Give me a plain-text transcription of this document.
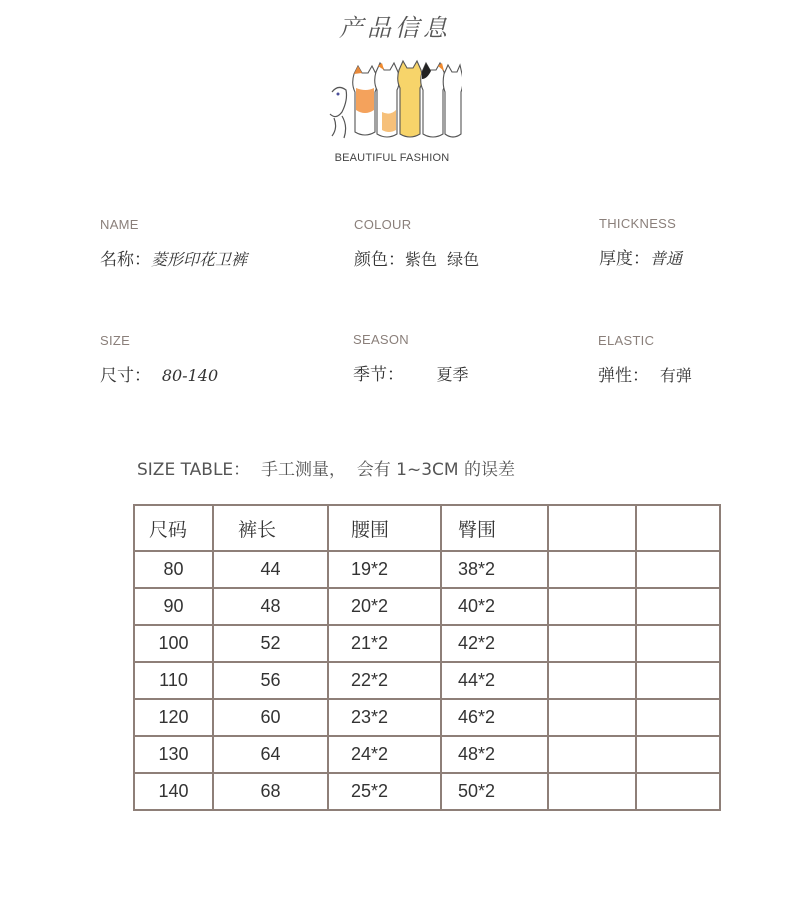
产品信息
BEAUTIFUL FASHION
NAME
名称：菱形印花卫裤
COLOUR
颜色：紫色  绿色
THICKNESS
厚度：普通
SIZE
尺寸： 80-140
SEASON
季节： 夏季
ELASTIC
弹性： 有弹
SIZE TABLE：  手工测量，  会有 1~3CM 的误差
尺码	裤长	腰围	臀围		
80	44	19*2	38*2		
90	48	20*2	40*2		
100	52	21*2	42*2		
110	56	22*2	44*2		
120	60	23*2	46*2		
130	64	24*2	48*2		
140	68	25*2	50*2		
